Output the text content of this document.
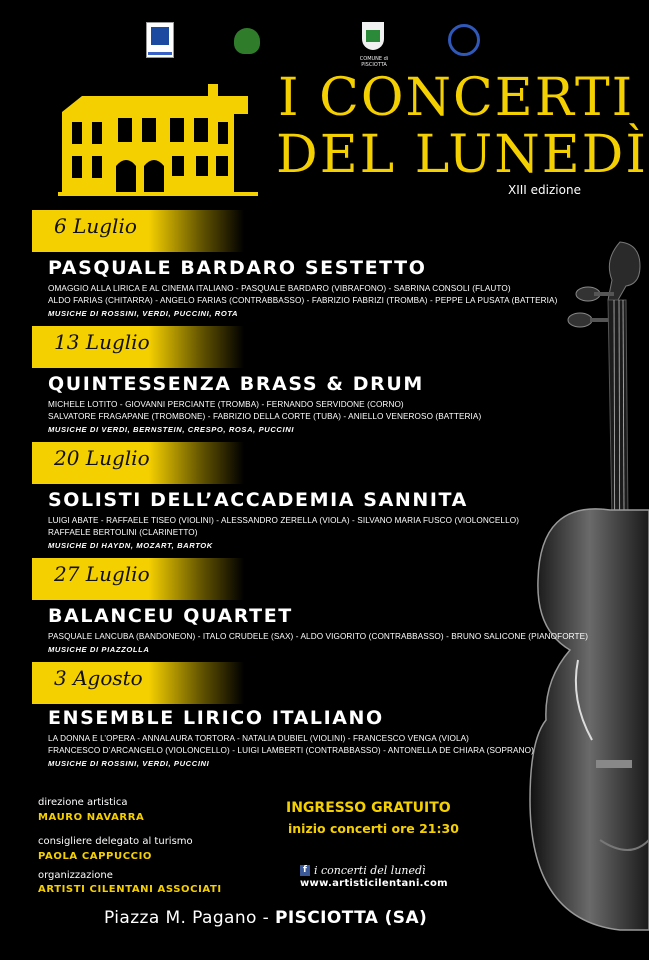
COMUNE di PISCIOTTA
I CONCERTI
DEL LUNEDÌ
XIII edizione
6 Luglio
PASQUALE BARDARO SESTETTO
OMAGGIO ALLA LIRICA E AL CINEMA ITALIANO - PASQUALE BARDARO (VIBRAFONO) - SABRINA CONSOLI (FLAUTO)
ALDO FARIAS (CHITARRA) - ANGELO FARIAS (CONTRABBASSO) - FABRIZIO FABRIZI (TROMBA) - PEPPE LA PUSATA (BATTERIA)
MUSICHE DI ROSSINI, VERDI, PUCCINI, ROTA
13 Luglio
QUINTESSENZA BRASS & DRUM
MICHELE LOTITO - GIOVANNI PERCIANTE (TROMBA) - FERNANDO SERVIDONE (CORNO)
SALVATORE FRAGAPANE (TROMBONE) - FABRIZIO DELLA CORTE (TUBA) - ANIELLO VENEROSO (BATTERIA)
MUSICHE DI VERDI, BERNSTEIN, CRESPO, ROSA, PUCCINI
20 Luglio
SOLISTI DELL’ACCADEMIA SANNITA
LUIGI ABATE - RAFFAELE TISEO (VIOLINI) - ALESSANDRO ZERELLA (VIOLA) - SILVANO MARIA FUSCO (VIOLONCELLO)
RAFFAELE BERTOLINI (CLARINETTO)
MUSICHE DI HAYDN, MOZART, BARTOK
27 Luglio
BALANCEU QUARTET
PASQUALE LANCUBA (BANDONEON) - ITALO CRUDELE (SAX) - ALDO VIGORITO (CONTRABBASSO) - BRUNO SALICONE (PIANOFORTE)
MUSICHE DI PIAZZOLLA
3 Agosto
ENSEMBLE LIRICO ITALIANO
LA DONNA E L’OPERA - ANNALAURA TORTORA - NATALIA DUBIEL (VIOLINI) - FRANCESCO VENGA (VIOLA)
FRANCESCO D’ARCANGELO (VIOLONCELLO) - LUIGI LAMBERTI (CONTRABBASSO) - ANTONELLA DE CHIARA (SOPRANO)
MUSICHE DI ROSSINI, VERDI, PUCCINI
direzione artistica
MAURO NAVARRA
consigliere delegato al turismo
PAOLA CAPPUCCIO
organizzazione
ARTISTI CILENTANI ASSOCIATI
INGRESSO GRATUITO
inizio concerti ore 21:30
f i concerti del lunedì
www.artisticilentani.com
Piazza M. Pagano - PISCIOTTA (SA)
